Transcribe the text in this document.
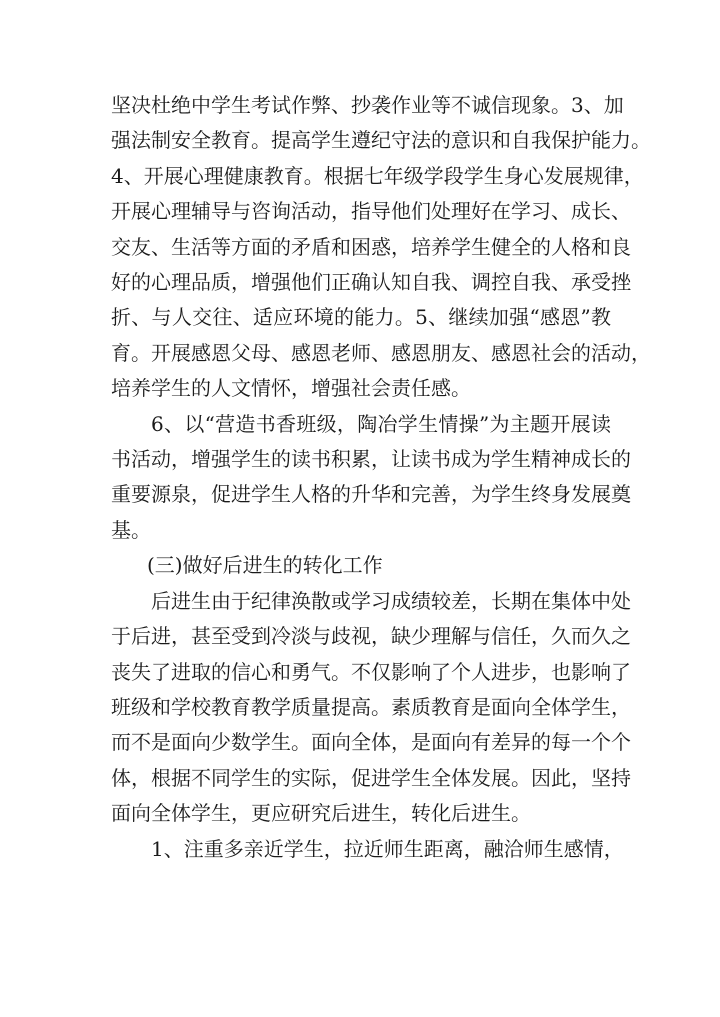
坚决杜绝中学生考试作弊、抄袭作业等不诚信现象。3、加
强法制安全教育。提高学生遵纪守法的意识和自我保护能力。
4、开展心理健康教育。根据七年级学段学生身心发展规律，
开展心理辅导与咨询活动，指导他们处理好在学习、成长、
交友、生活等方面的矛盾和困惑，培养学生健全的人格和良
好的心理品质，增强他们正确认知自我、调控自我、承受挫
折、与人交往、适应环境的能力。5、继续加强“感恩”教
育。开展感恩父母、感恩老师、感恩朋友、感恩社会的活动，
培养学生的人文情怀，增强社会责任感。
6、以“营造书香班级，陶冶学生情操”为主题开展读
书活动，增强学生的读书积累，让读书成为学生精神成长的
重要源泉，促进学生人格的升华和完善，为学生终身发展奠
基。
(三)做好后进生的转化工作
后进生由于纪律涣散或学习成绩较差，长期在集体中处
于后进，甚至受到冷淡与歧视，缺少理解与信任，久而久之
丧失了进取的信心和勇气。不仅影响了个人进步，也影响了
班级和学校教育教学质量提高。素质教育是面向全体学生，
而不是面向少数学生。面向全体，是面向有差异的每一个个
体，根据不同学生的实际，促进学生全体发展。因此，坚持
面向全体学生，更应研究后进生，转化后进生。
1、注重多亲近学生，拉近师生距离，融洽师生感情，
